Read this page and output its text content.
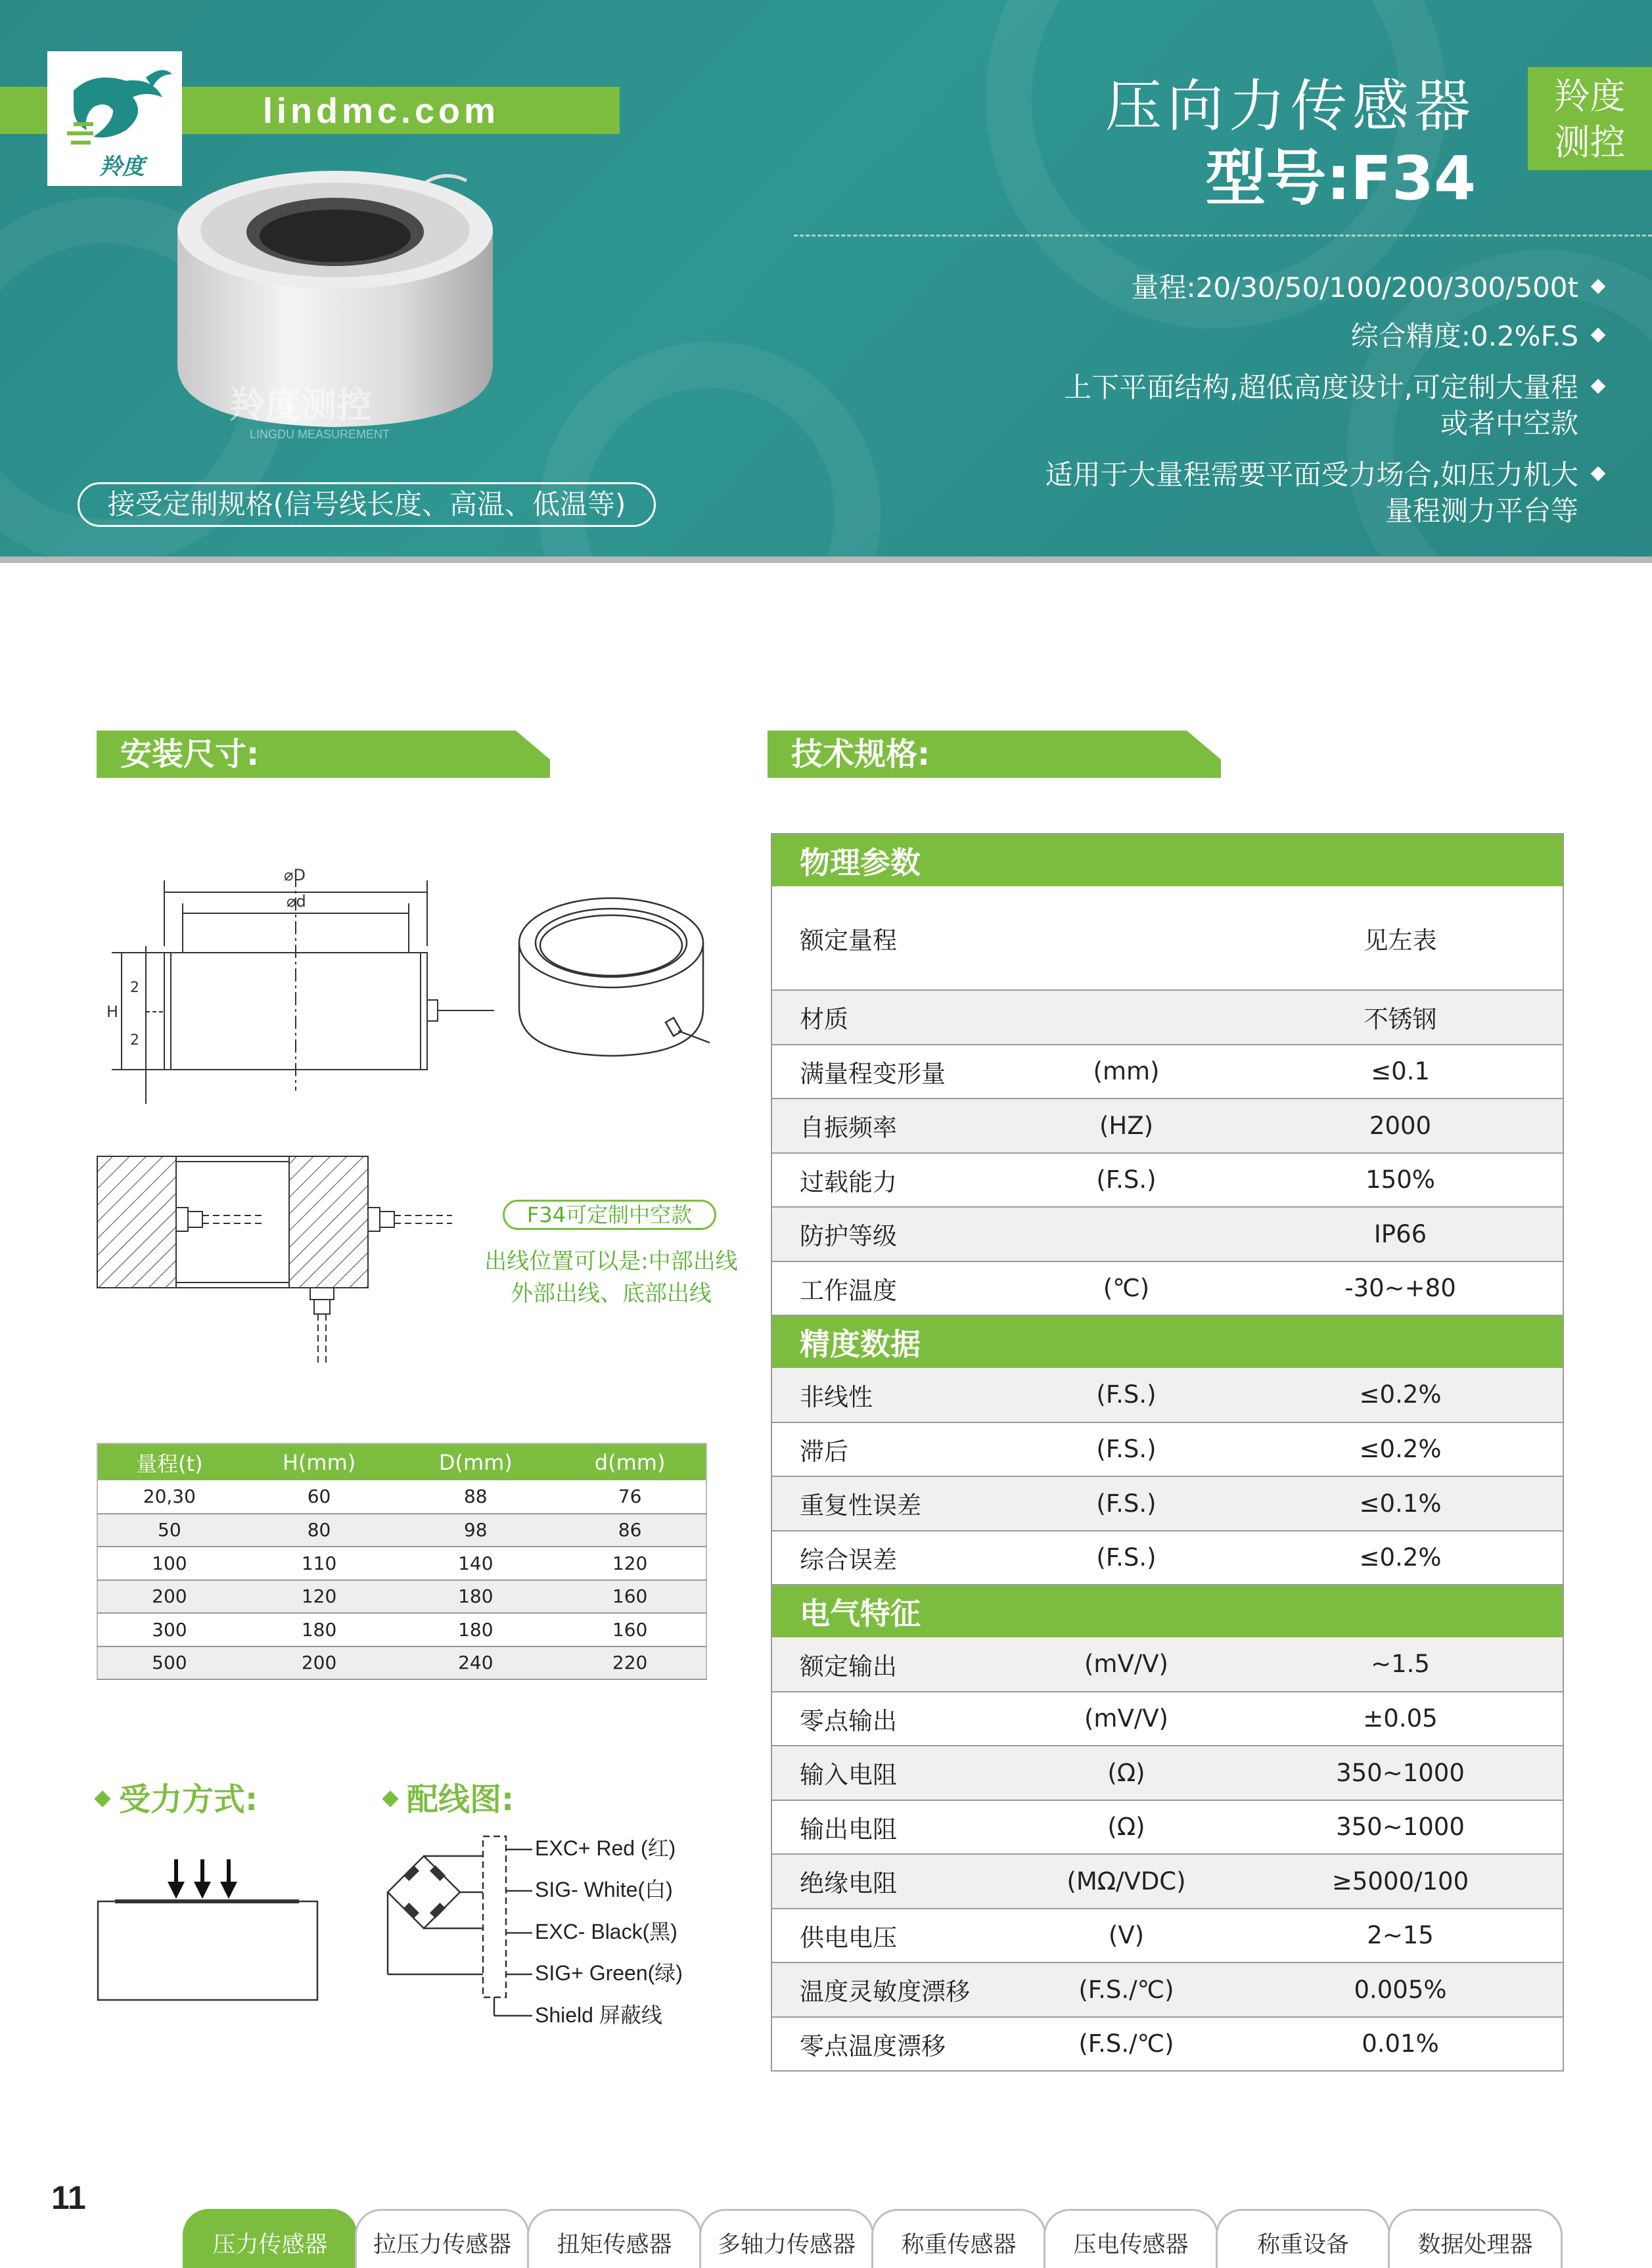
lindmc.com
羚度
羚度测控
LINGDU MEASUREMENT
压向力传感器
型号:F34
羚度
测控
量程:20/30/50/100/200/300/500t
综合精度:0.2%F.S
上下平面结构,超低高度设计,可定制大量程
或者中空款
适用于大量程需要平面受力场合,如压力机大
量程测力平台等
接受定制规格(信号线长度、高温、低温等)
安装尺寸:
⌀D
⌀d
H
2
2
F34可定制中空款
出线位置可以是:中部出线
外部出线、底部出线
量程(t)	H(mm)	D(mm)	d(mm)
20,30	60	88	76
50	80	98	86
100	110	140	120
200	120	180	160
300	180	180	160
500	200	240	220
受力方式:	配线图:
EXC+ Red (红)
SIG- White(白)
EXC- Black(黑)
SIG+ Green(绿)
Shield 屏蔽线
技术规格:
物理参数		
额定量程		见左表
材质		不锈钢
满量程变形量	(mm)	≤0.1
自振频率	(HZ)	2000
过载能力	(F.S.)	150%
防护等级		IP66
工作温度	(℃)	-30~+80
精度数据		
非线性	(F.S.)	≤0.2%
滞后	(F.S.)	≤0.2%
重复性误差	(F.S.)	≤0.1%
综合误差	(F.S.)	≤0.2%
电气特征		
额定输出	(mV/V)	~1.5
零点输出	(mV/V)	±0.05
输入电阻	(Ω)	350~1000
输出电阻	(Ω)	350~1000
绝缘电阻	(MΩ/VDC)	≥5000/100
供电电压	(V)	2~15
温度灵敏度漂移	(F.S./℃)	0.005%
零点温度漂移	(F.S./℃)	0.01%
11
压力传感器	拉压力传感器	扭矩传感器	多轴力传感器	称重传感器	压电传感器	称重设备	数据处理器
